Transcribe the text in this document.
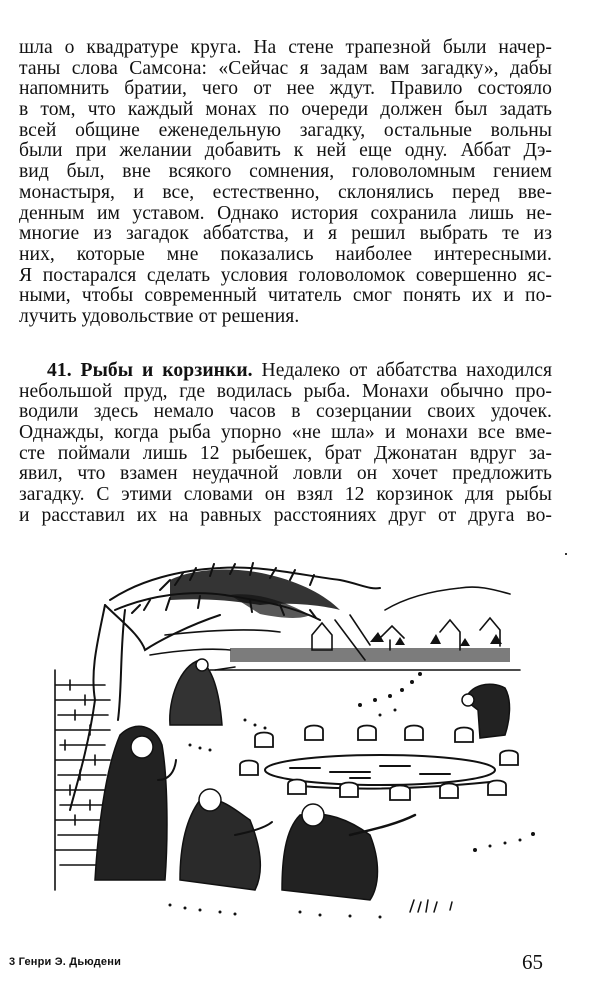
шла о квадратуре круга. На стене трапезной были начер-
таны слова Самсона: «Сейчас я задам вам загадку», дабы
напомнить братии, чего от нее ждут. Правило состояло
в том, что каждый монах по очереди должен был задать
всей общине еженедельную загадку, остальные вольны
были при желании добавить к ней еще одну. Аббат Дэ-
вид был, вне всякого сомнения, головоломным гением
монастыря, и все, естественно, склонялись перед вве-
денным им уставом. Однако история сохранила лишь не-
многие из загадок аббатства, и я решил выбрать те из
них, которые мне показались наиболее интересными.
Я постарался сделать условия головоломок совершенно яс-
ными, чтобы современный читатель смог понять их и по-
лучить удовольствие от решения.
41. Рыбы и корзинки. Недалеко от аббатства находился
небольшой пруд, где водилась рыба. Монахи обычно про-
водили здесь немало часов в созерцании своих удочек.
Однажды, когда рыба упорно «не шла» и монахи все вме-
сте поймали лишь 12 рыбешек, брат Джонатан вдруг за-
явил, что взамен неудачной ловли он хочет предложить
загадку. С этими словами он взял 12 корзинок для рыбы
и расставил их на равных расстояниях друг от друга во-
3 Генри Э. Дьюдени	65
